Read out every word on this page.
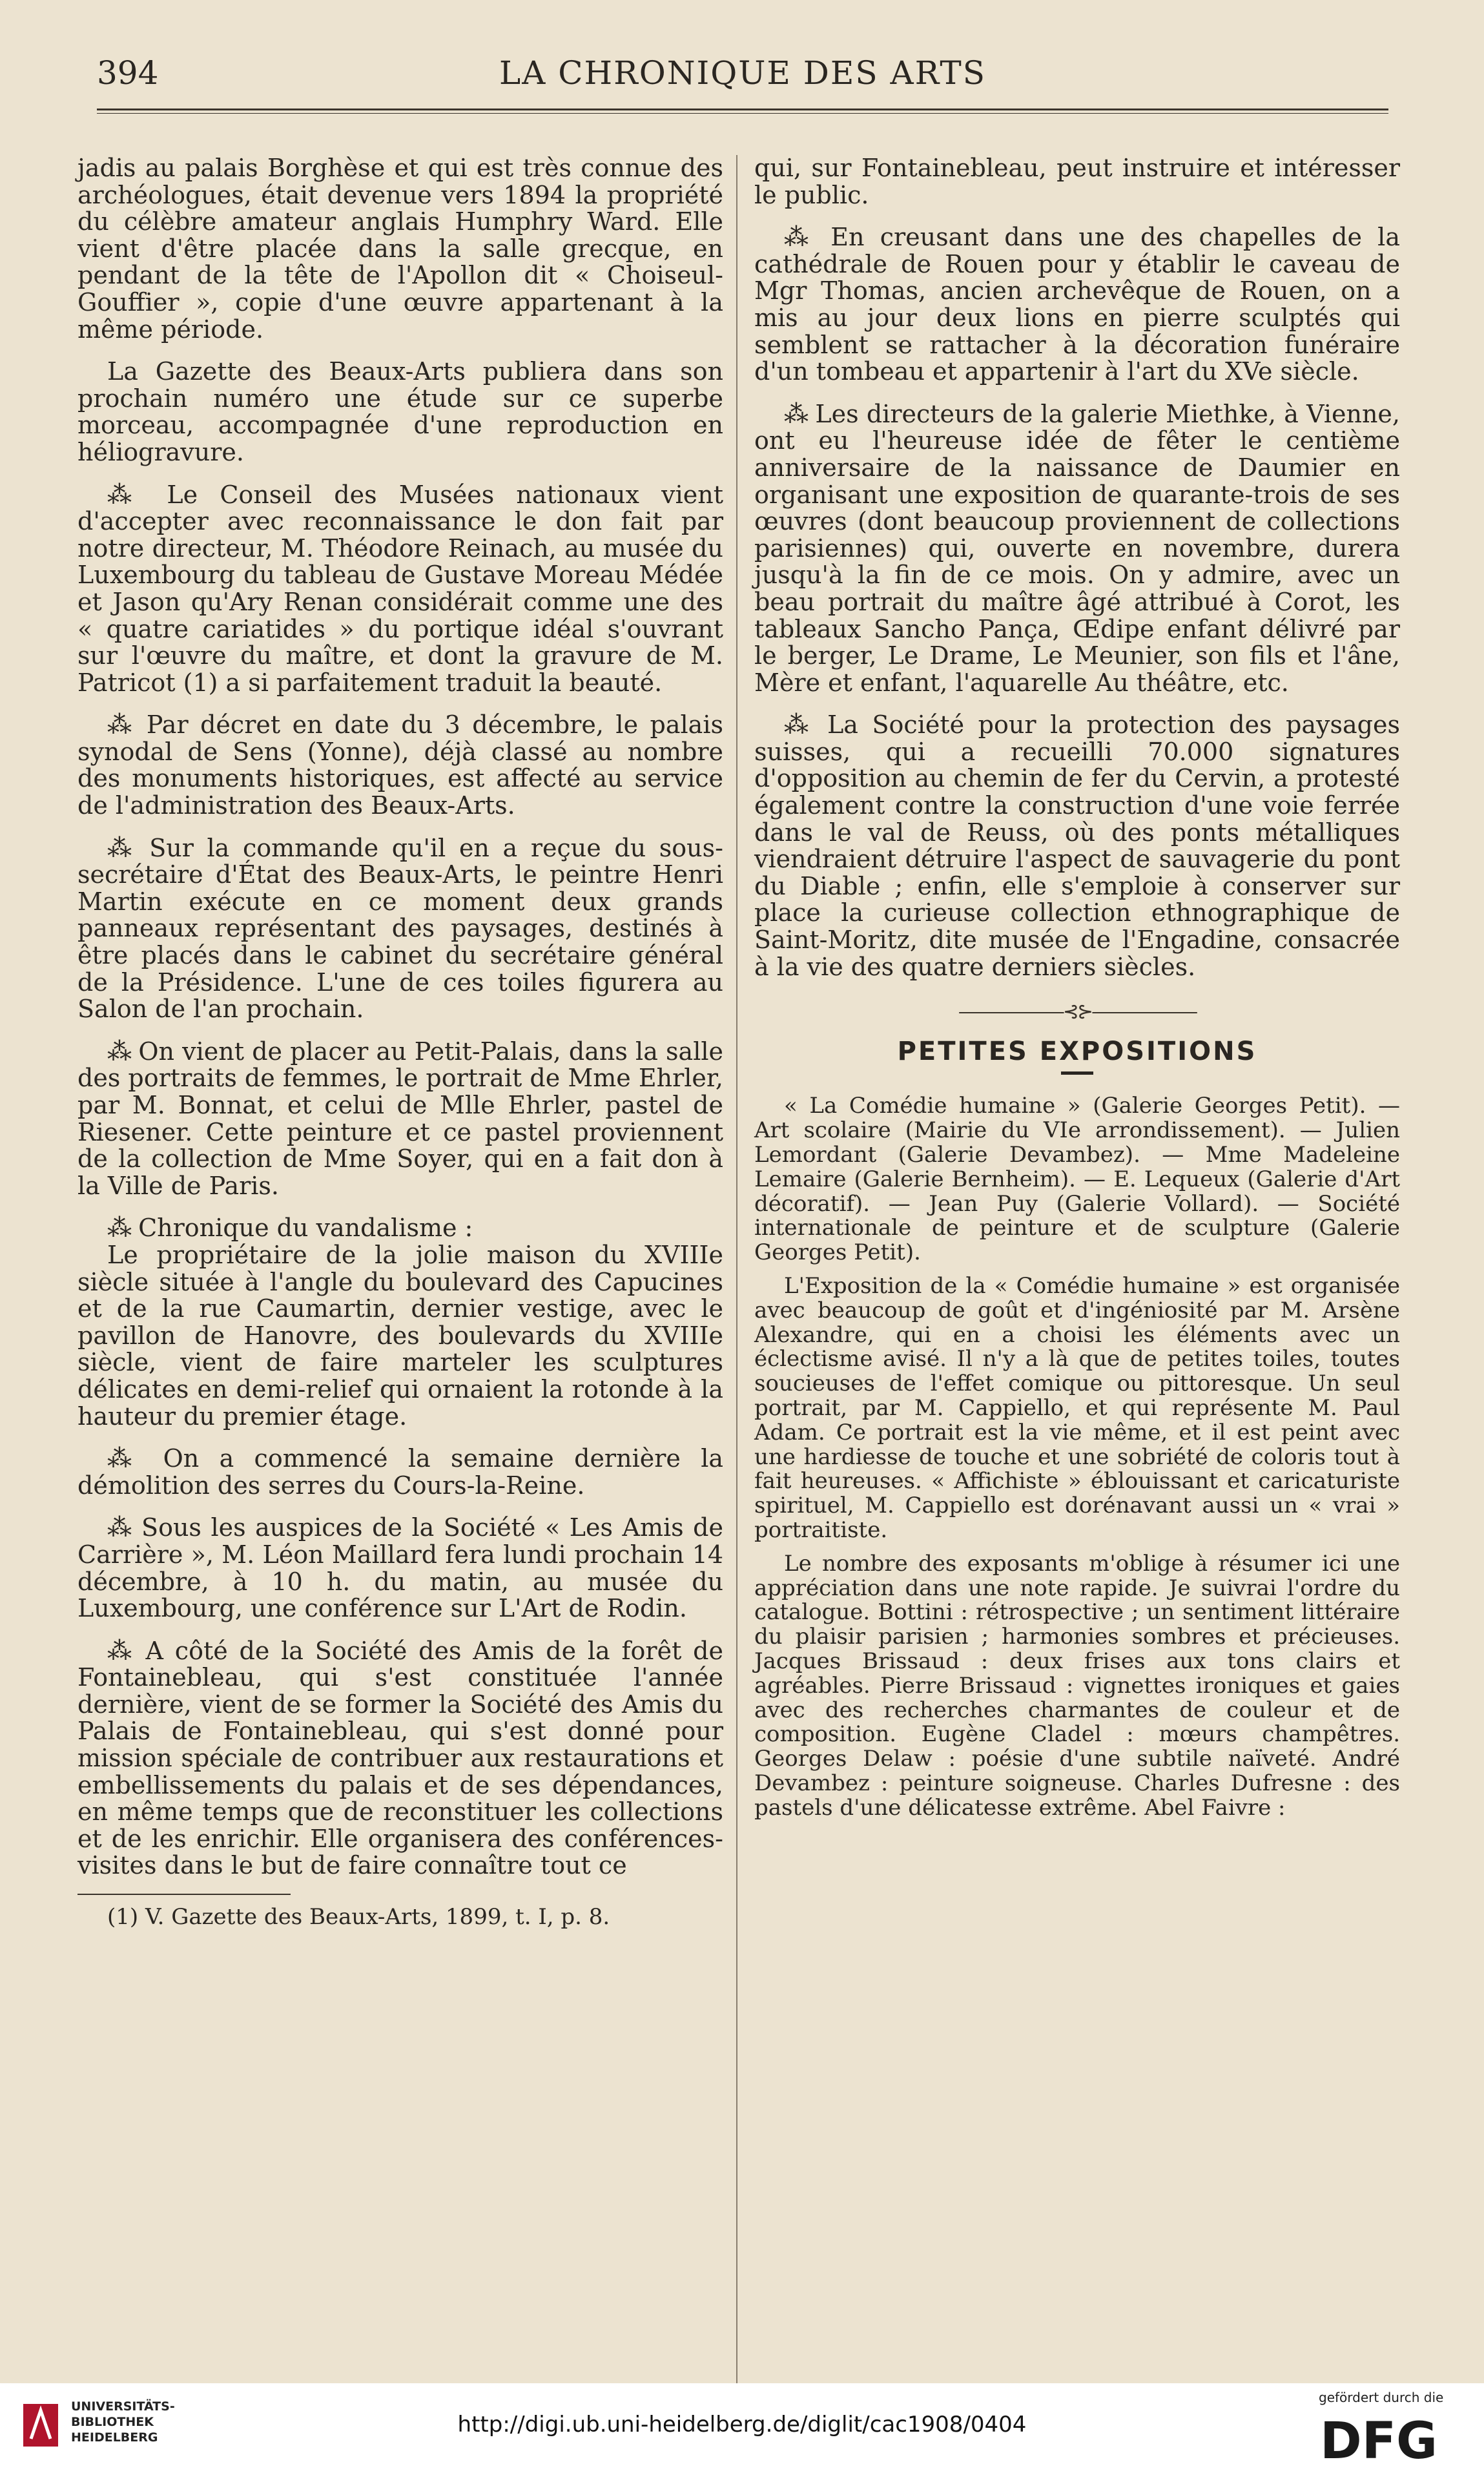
394	LA CHRONIQUE DES ARTS

jadis au palais Borghèse et qui est très connue des archéologues, était devenue vers 1894 la propriété du célèbre amateur anglais Humphry Ward. Elle vient d'être placée dans la salle grecque, en pendant de la tête de l'Apollon dit « Choiseul-Gouffier », copie d'une œuvre appartenant à la même période.

La Gazette des Beaux-Arts publiera dans son prochain numéro une étude sur ce superbe morceau, accompagnée d'une reproduction en héliogravure.

⁂ Le Conseil des Musées nationaux vient d'accepter avec reconnaissance le don fait par notre directeur, M. Théodore Reinach, au musée du Luxembourg du tableau de Gustave Moreau Médée et Jason qu'Ary Renan considérait comme une des « quatre cariatides » du portique idéal s'ouvrant sur l'œuvre du maître, et dont la gravure de M. Patricot (1) a si parfaitement traduit la beauté.

⁂ Par décret en date du 3 décembre, le palais synodal de Sens (Yonne), déjà classé au nombre des monuments historiques, est affecté au service de l'administration des Beaux-Arts.

⁂ Sur la commande qu'il en a reçue du sous-secrétaire d'État des Beaux-Arts, le peintre Henri Martin exécute en ce moment deux grands panneaux représentant des paysages, destinés à être placés dans le cabinet du secrétaire général de la Présidence. L'une de ces toiles figurera au Salon de l'an prochain.

⁂ On vient de placer au Petit-Palais, dans la salle des portraits de femmes, le portrait de Mme Ehrler, par M. Bonnat, et celui de Mlle Ehrler, pastel de Riesener. Cette peinture et ce pastel proviennent de la collection de Mme Soyer, qui en a fait don à la Ville de Paris.

⁂ Chronique du vandalisme :

Le propriétaire de la jolie maison du XVIIIe siècle située à l'angle du boulevard des Capucines et de la rue Caumartin, dernier vestige, avec le pavillon de Hanovre, des boulevards du XVIIIe siècle, vient de faire marteler les sculptures délicates en demi-relief qui ornaient la rotonde à la hauteur du premier étage.

⁂ On a commencé la semaine dernière la démolition des serres du Cours-la-Reine.

⁂ Sous les auspices de la Société « Les Amis de Carrière », M. Léon Maillard fera lundi prochain 14 décembre, à 10 h. du matin, au musée du Luxembourg, une conférence sur L'Art de Rodin.

⁂ A côté de la Société des Amis de la forêt de Fontainebleau, qui s'est constituée l'année dernière, vient de se former la Société des Amis du Palais de Fontainebleau, qui s'est donné pour mission spéciale de contribuer aux restaurations et embellissements du palais et de ses dépendances, en même temps que de reconstituer les collections et de les enrichir. Elle organisera des conférences-visites dans le but de faire connaître tout ce

(1) V. Gazette des Beaux-Arts, 1899, t. I, p. 8.

qui, sur Fontainebleau, peut instruire et intéresser le public.

⁂ En creusant dans une des chapelles de la cathédrale de Rouen pour y établir le caveau de Mgr Thomas, ancien archevêque de Rouen, on a mis au jour deux lions en pierre sculptés qui semblent se rattacher à la décoration funéraire d'un tombeau et appartenir à l'art du XVe siècle.

⁂ Les directeurs de la galerie Miethke, à Vienne, ont eu l'heureuse idée de fêter le centième anniversaire de la naissance de Daumier en organisant une exposition de quarante-trois de ses œuvres (dont beaucoup proviennent de collections parisiennes) qui, ouverte en novembre, durera jusqu'à la fin de ce mois. On y admire, avec un beau portrait du maître âgé attribué à Corot, les tableaux Sancho Pança, Œdipe enfant délivré par le berger, Le Drame, Le Meunier, son fils et l'âne, Mère et enfant, l'aquarelle Au théâtre, etc.

⁂ La Société pour la protection des paysages suisses, qui a recueilli 70.000 signatures d'opposition au chemin de fer du Cervin, a protesté également contre la construction d'une voie ferrée dans le val de Reuss, où des ponts métalliques viendraient détruire l'aspect de sauvagerie du pont du Diable ; enfin, elle s'emploie à conserver sur place la curieuse collection ethnographique de Saint-Moritz, dite musée de l'Engadine, consacrée à la vie des quatre derniers siècles.

——————⊰⊱——————
PETITES EXPOSITIONS

« La Comédie humaine » (Galerie Georges Petit). — Art scolaire (Mairie du VIe arrondissement). — Julien Lemordant (Galerie Devambez). — Mme Madeleine Lemaire (Galerie Bernheim). — E. Lequeux (Galerie d'Art décoratif). — Jean Puy (Galerie Vollard). — Société internationale de peinture et de sculpture (Galerie Georges Petit).

L'Exposition de la « Comédie humaine » est organisée avec beaucoup de goût et d'ingéniosité par M. Arsène Alexandre, qui en a choisi les éléments avec un éclectisme avisé. Il n'y a là que de petites toiles, toutes soucieuses de l'effet comique ou pittoresque. Un seul portrait, par M. Cappiello, et qui représente M. Paul Adam. Ce portrait est la vie même, et il est peint avec une hardiesse de touche et une sobriété de coloris tout à fait heureuses. « Affichiste » éblouissant et caricaturiste spirituel, M. Cappiello est dorénavant aussi un « vrai » portraitiste.

Le nombre des exposants m'oblige à résumer ici une appréciation dans une note rapide. Je suivrai l'ordre du catalogue. Bottini : rétrospective ; un sentiment littéraire du plaisir parisien ; harmonies sombres et précieuses. Jacques Brissaud : deux frises aux tons clairs et agréables. Pierre Brissaud : vignettes ironiques et gaies avec des recherches charmantes de couleur et de composition. Eugène Cladel : mœurs champêtres. Georges Delaw : poésie d'une subtile naïveté. André Devambez : peinture soigneuse. Charles Dufresne : des pastels d'une délicatesse extrême. Abel Faivre :

UNIVERSITÄTS-
BIBLIOTHEK
HEIDELBERG	http://digi.ub.uni-heidelberg.de/diglit/cac1908/0404
gefördert durch die
DFG
